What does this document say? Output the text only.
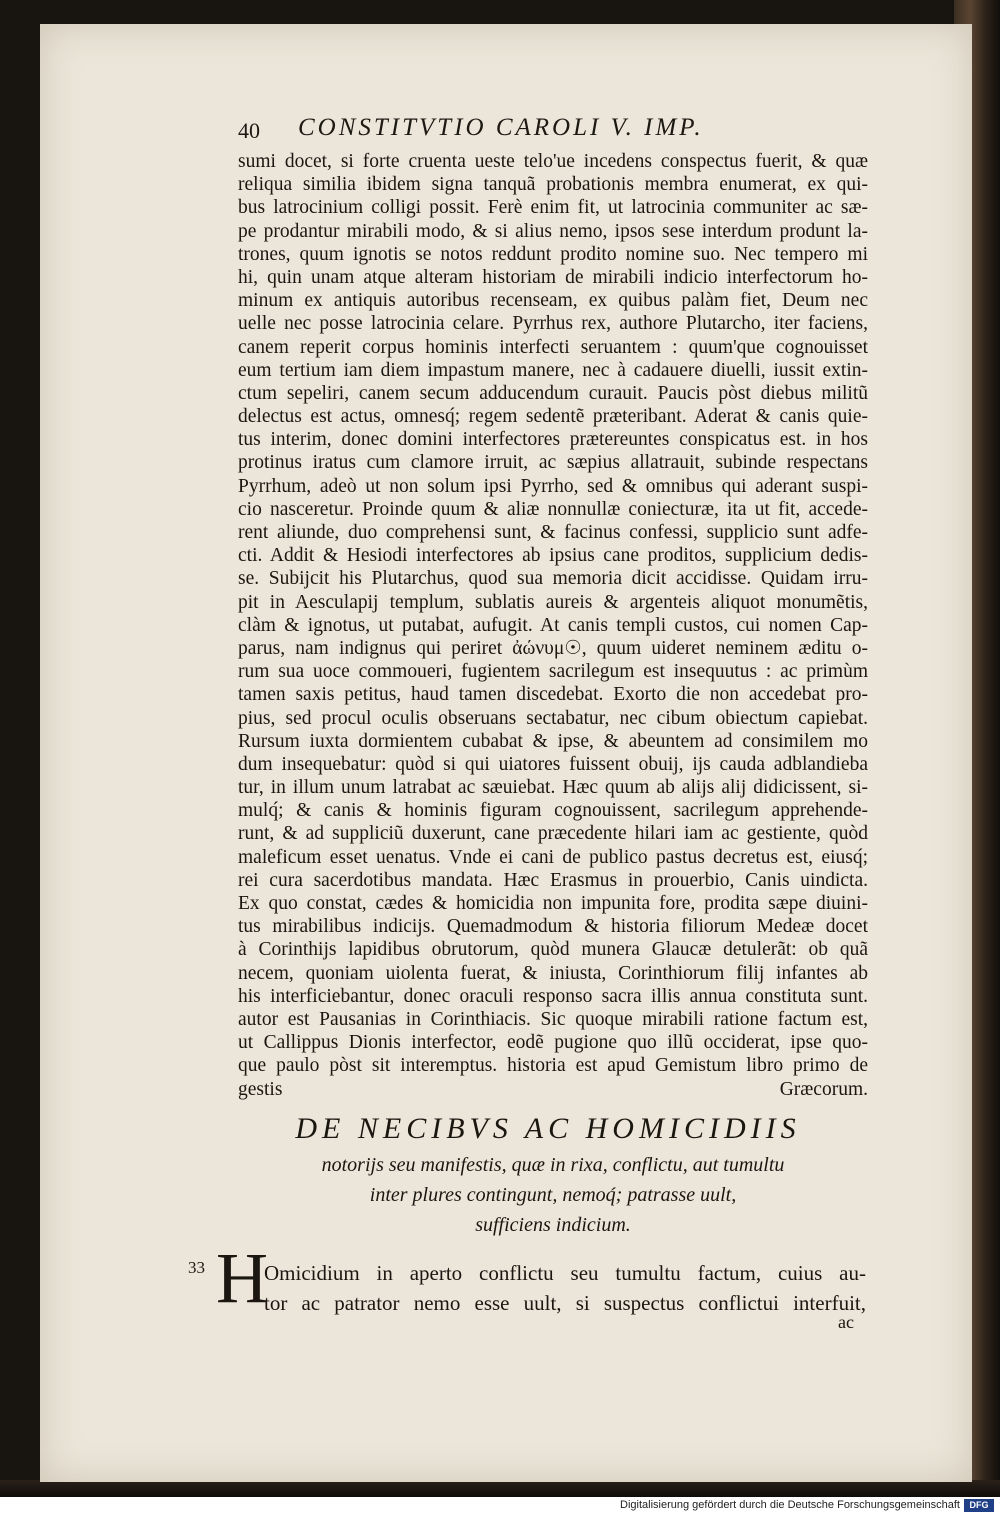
40 CONSTITVTIO CAROLI V. IMP.
sumi docet, si forte cruenta ueste telo'ue incedens conspectus fuerit, & quæ
reliqua similia ibidem signa tanquã probationis membra enumerat, ex qui-
bus latrocinium colligi possit. Ferè enim fit, ut latrocinia communiter ac sæ-
pe prodantur mirabili modo, & si alius nemo, ipsos sese interdum produnt la-
trones, quum ignotis se notos reddunt prodito nomine suo. Nec tempero mi
hi, quin unam atque alteram historiam de mirabili indicio interfectorum ho-
minum ex antiquis autoribus recenseam, ex quibus palàm fiet, Deum nec
uelle nec posse latrocinia celare. Pyrrhus rex, authore Plutarcho, iter faciens,
canem reperit corpus hominis interfecti seruantem : quum'que cognouisset
eum tertium iam diem impastum manere, nec à cadauere diuelli, iussit extin-
ctum sepeliri, canem secum adducendum curauit. Paucis pòst diebus militũ
delectus est actus, omnesq́; regem sedentẽ præteribant. Aderat & canis quie-
tus interim, donec domini interfectores prætereuntes conspicatus est. in hos
protinus iratus cum clamore irruit, ac sæpius allatrauit, subinde respectans
Pyrrhum, adeò ut non solum ipsi Pyrrho, sed & omnibus qui aderant suspi-
cio nasceretur. Proinde quum & aliæ nonnullæ coniecturæ, ita ut fit, accede-
rent aliunde, duo comprehensi sunt, & facinus confessi, supplicio sunt adfe-
cti. Addit & Hesiodi interfectores ab ipsius cane proditos, supplicium dedis-
se. Subijcit his Plutarchus, quod sua memoria dicit accidisse. Quidam irru-
pit in Aesculapij templum, sublatis aureis & argenteis aliquot monumẽtis,
clàm & ignotus, ut putabat, aufugit. At canis templi custos, cui nomen Cap-
parus, nam indignus qui periret ἀώνυμ☉, quum uideret neminem æditu o-
rum sua uoce commoueri, fugientem sacrilegum est insequutus : ac primùm
tamen saxis petitus, haud tamen discedebat. Exorto die non accedebat pro-
pius, sed procul oculis obseruans sectabatur, nec cibum obiectum capiebat.
Rursum iuxta dormientem cubabat & ipse, & abeuntem ad consimilem mo
dum insequebatur: quòd si qui uiatores fuissent obuij, ijs cauda adblandieba
tur, in illum unum latrabat ac sæuiebat. Hæc quum ab alijs alij didicissent, si-
mulq́; & canis & hominis figuram cognouissent, sacrilegum apprehende-
runt, & ad suppliciũ duxerunt, cane præcedente hilari iam ac gestiente, quòd
maleficum esset uenatus. Vnde ei cani de publico pastus decretus est, eiusq́;
rei cura sacerdotibus mandata. Hæc Erasmus in prouerbio, Canis uindicta.
Ex quo constat, cædes & homicidia non impunita fore, prodita sæpe diuini-
tus mirabilibus indicijs. Quemadmodum & historia filiorum Medeæ docet
à Corinthijs lapidibus obrutorum, quòd munera Glaucæ detulerãt: ob quã
necem, quoniam uiolenta fuerat, & iniusta, Corinthiorum filij infantes ab
his interficiebantur, donec oraculi responso sacra illis annua constituta sunt.
autor est Pausanias in Corinthiacis. Sic quoque mirabili ratione factum est,
ut Callippus Dionis interfector, eodẽ pugione quo illũ occiderat, ipse quo-
que paulo pòst sit interemptus. historia est apud Gemistum libro primo de
gestis Græcorum.
DE NECIBVS AC HOMICIDIIS
notorijs seu manifestis, quæ in rixa, conflictu, aut tumultu
inter plures contingunt, nemoq́; patrasse uult,
sufficiens indicium.
33 H
Omicidium in aperto conflictu seu tumultu factum, cuius au-
tor ac patrator nemo esse uult, si suspectus conflictui interfuit,
ac
Digitalisierung gefördert durch die Deutsche Forschungsgemeinschaft	DFG
